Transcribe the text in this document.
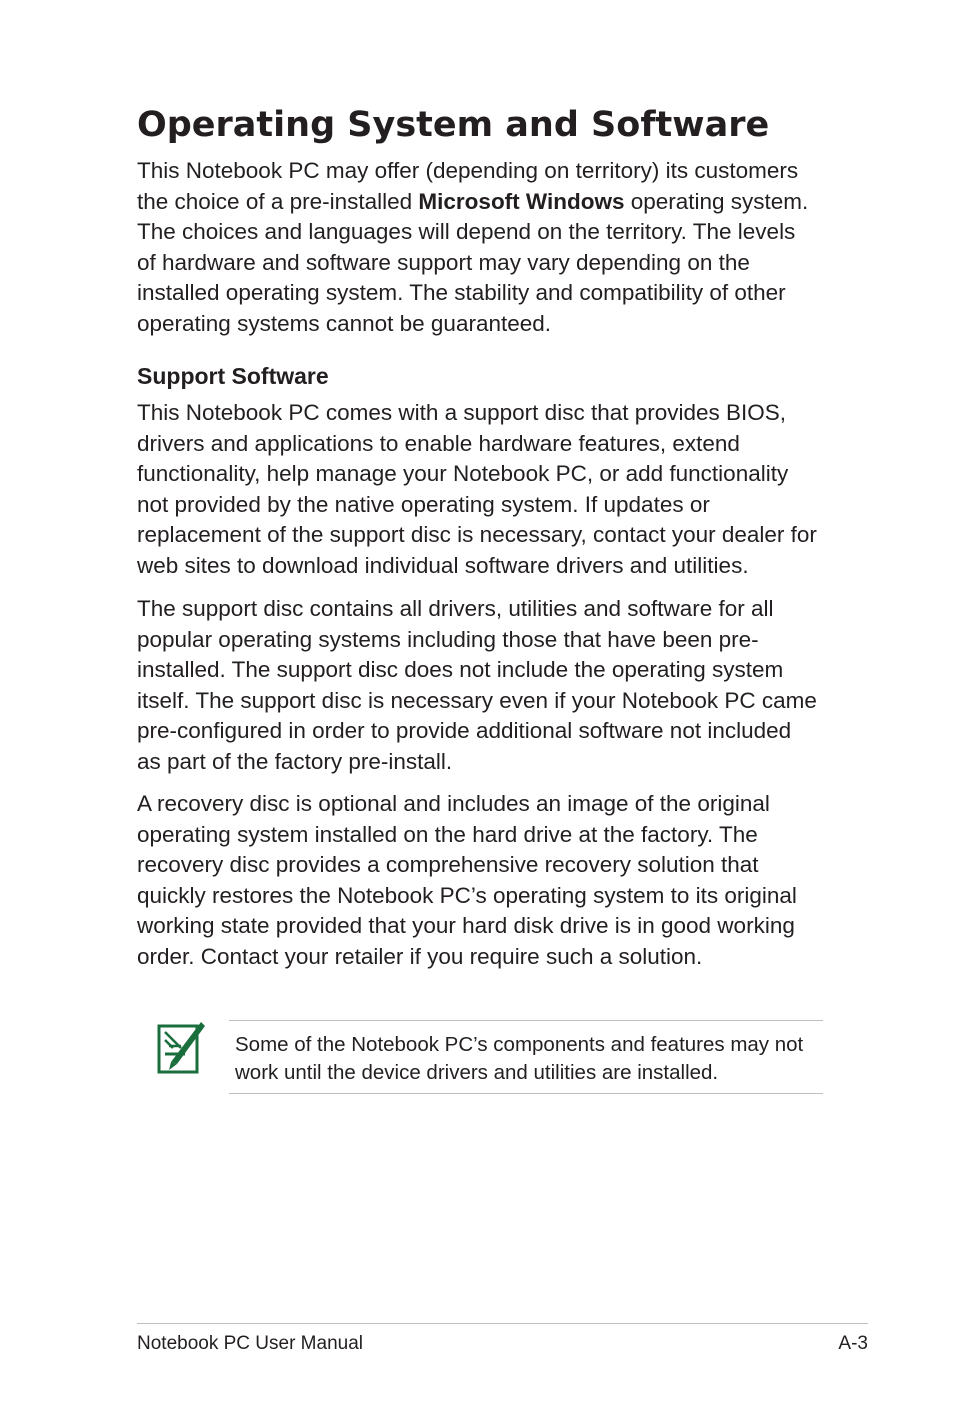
Operating System and Software

This Notebook PC may offer (depending on territory) its customers
the choice of a pre-installed Microsoft Windows operating system.
The choices and languages will depend on the territory. The levels
of hardware and software support may vary depending on the
installed operating system. The stability and compatibility of other
operating systems cannot be guaranteed.

Support Software

This Notebook PC comes with a support disc that provides BIOS,
drivers and applications to enable hardware features, extend
functionality, help manage your Notebook PC, or add functionality
not provided by the native operating system. If updates or
replacement of the support disc is necessary, contact your dealer for
web sites to download individual software drivers and utilities.

The support disc contains all drivers, utilities and software for all
popular operating systems including those that have been pre-
installed. The support disc does not include the operating system
itself. The support disc is necessary even if your Notebook PC came
pre-configured in order to provide additional software not included
as part of the factory pre-install.

A recovery disc is optional and includes an image of the original
operating system installed on the hard drive at the factory. The
recovery disc provides a comprehensive recovery solution that
quickly restores the Notebook PC’s operating system to its original
working state provided that your hard disk drive is in good working
order. Contact your retailer if you require such a solution.

Some of the Notebook PC’s components and features may not
work until the device drivers and utilities are installed.
Notebook PC User Manual	A-3
